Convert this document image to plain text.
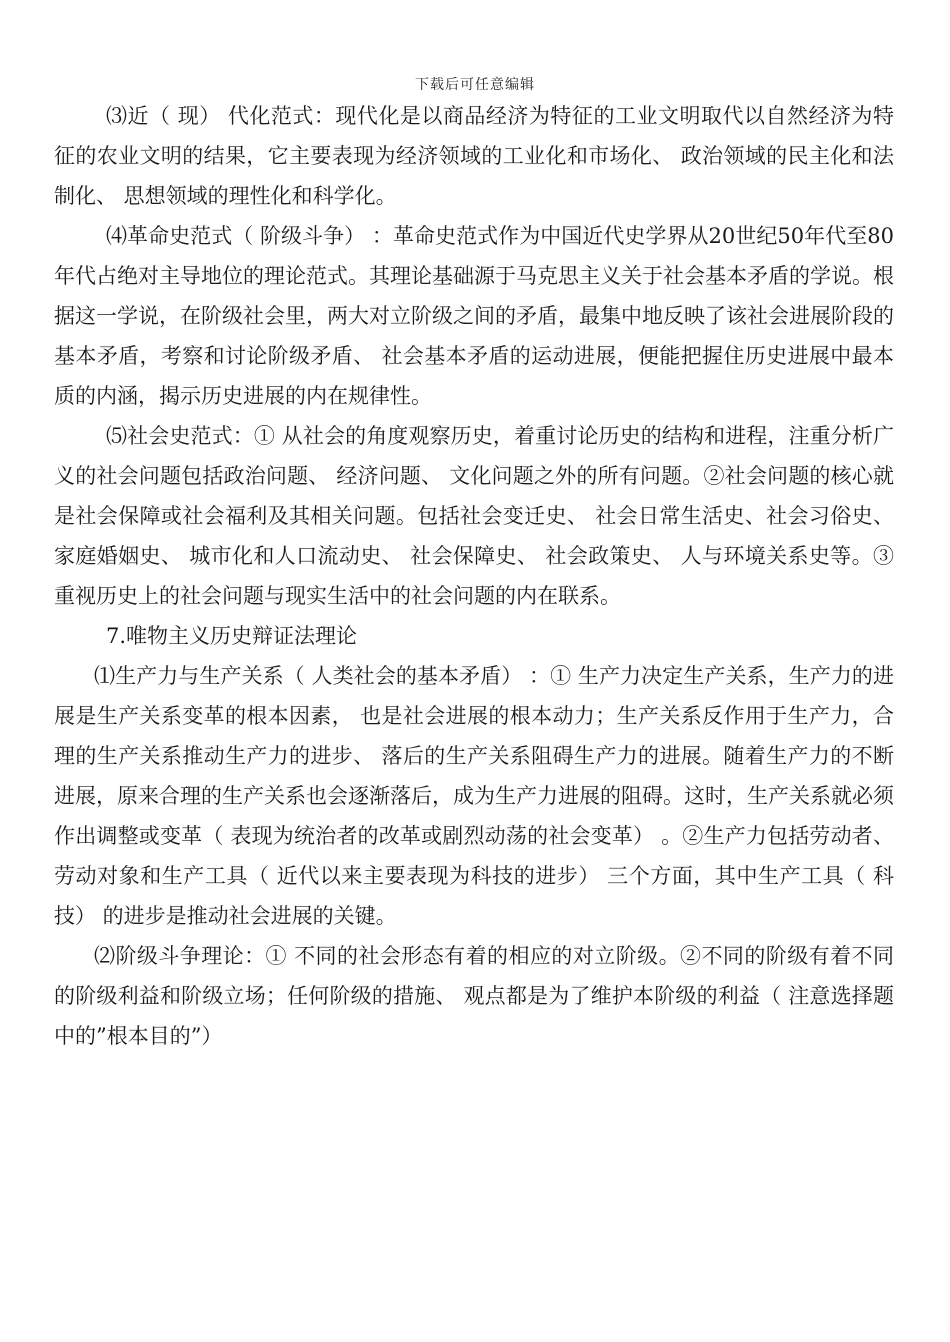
下载后可任意编辑

⑶近（ 现） 代化范式：现代化是以商品经济为特征的工业文明取代以自然经济为特征的农业文明的结果，它主要表现为经济领域的工业化和市场化、 政治领域的民主化和法制化、 思想领域的理性化和科学化。

⑷革命史范式（ 阶级斗争） ：革命史范式作为中国近代史学界从20世纪50年代至80年代占绝对主导地位的理论范式。其理论基础源于马克思主义关于社会基本矛盾的学说。根据这一学说，在阶级社会里，两大对立阶级之间的矛盾，最集中地反映了该社会进展阶段的基本矛盾，考察和讨论阶级矛盾、 社会基本矛盾的运动进展，便能把握住历史进展中最本质的内涵，揭示历史进展的内在规律性。

⑸社会史范式：① 从社会的角度观察历史，着重讨论历史的结构和进程，注重分析广义的社会问题包括政治问题、 经济问题、 文化问题之外的所有问题。②社会问题的核心就是社会保障或社会福利及其相关问题。包括社会变迁史、 社会日常生活史、社会习俗史、 家庭婚姻史、 城市化和人口流动史、 社会保障史、 社会政策史、 人与环境关系史等。③重视历史上的社会问题与现实生活中的社会问题的内在联系。

7.唯物主义历史辩证法理论

⑴生产力与生产关系（ 人类社会的基本矛盾） ：① 生产力决定生产关系，生产力的进展是生产关系变革的根本因素， 也是社会进展的根本动力；生产关系反作用于生产力，合理的生产关系推动生产力的进步、 落后的生产关系阻碍生产力的进展。随着生产力的不断进展，原来合理的生产关系也会逐渐落后，成为生产力进展的阻碍。这时，生产关系就必须作出调整或变革（ 表现为统治者的改革或剧烈动荡的社会变革） 。②生产力包括劳动者、 劳动对象和生产工具（ 近代以来主要表现为科技的进步） 三个方面，其中生产工具（ 科技） 的进步是推动社会进展的关键。

⑵阶级斗争理论：① 不同的社会形态有着的相应的对立阶级。②不同的阶级有着不同的阶级利益和阶级立场；任何阶级的措施、 观点都是为了维护本阶级的利益（ 注意选择题中的”根本目的”）
